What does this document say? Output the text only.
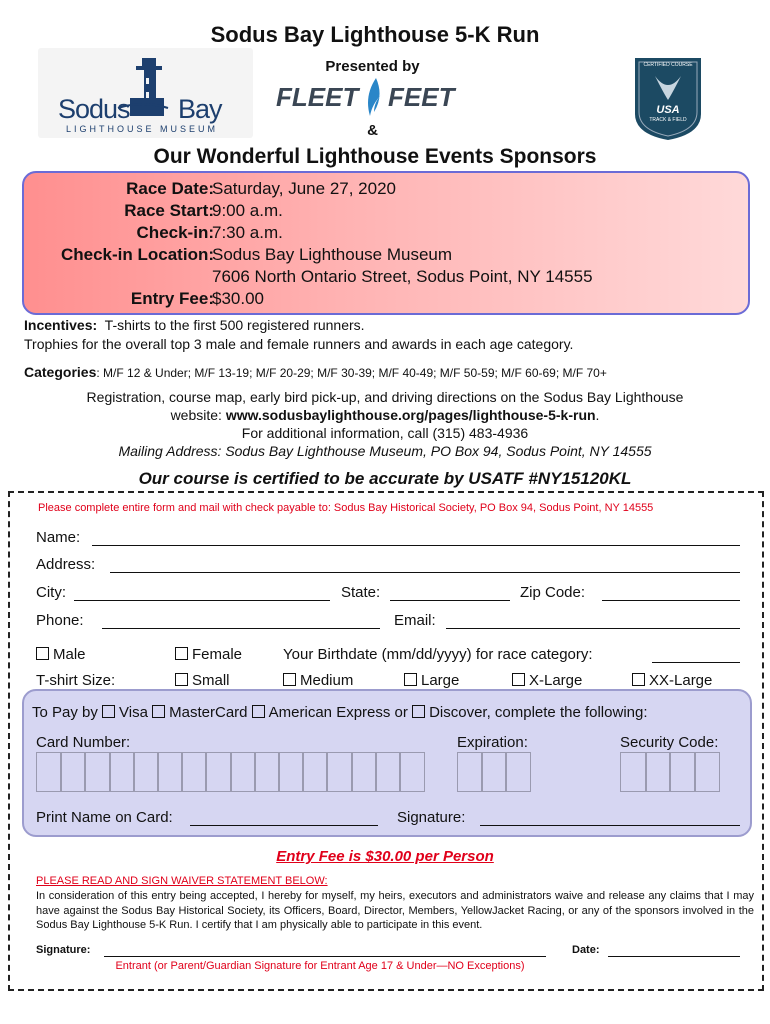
Sodus Bay Lighthouse 5-K Run
Sodus Bay
LIGHTHOUSE MUSEUM
Presented by
FLEET FEET
CERTIFIED COURSE
USA
TRACK & FIELD
&
Our Wonderful Lighthouse Events Sponsors
Race Date:
Saturday, June 27, 2020
Race Start:
9:00 a.m.
Check-in:
7:30 a.m.
Check-in Location:
Sodus Bay Lighthouse Museum
7606 North Ontario Street, Sodus Point, NY 14555
Entry Fee:
$30.00
Incentives: T-shirts to the first 500 registered runners.
Trophies for the overall top 3 male and female runners and awards in each age category.
Categories: M/F 12 & Under; M/F 13-19; M/F 20-29; M/F 30-39; M/F 40-49; M/F 50-59; M/F 60-69; M/F 70+
Registration, course map, early bird pick-up, and driving directions on the Sodus Bay Lighthouse
website: www.sodusbaylighthouse.org/pages/lighthouse-5-k-run.
For additional information, call (315) 483-4936
Mailing Address: Sodus Bay Lighthouse Museum, PO Box 94, Sodus Point, NY 14555
Our course is certified to be accurate by USATF #NY15120KL
Please complete entire form and mail with check payable to: Sodus Bay Historical Society, PO Box 94, Sodus Point, NY 14555
Name:
Address:
City:	State:	Zip Code:
Phone:	Email:
Male	Female	Your Birthdate (mm/dd/yyyy) for race category:
T-shirt Size:	Small	Medium	Large	X-Large	XX-Large
To Pay by Visa MasterCard American Express or Discover, complete the following:
Card Number:	Expiration:	Security Code:
Print Name on Card:	Signature:
Entry Fee is $30.00 per Person
PLEASE READ AND SIGN WAIVER STATEMENT BELOW:
In consideration of this entry being accepted, I hereby for myself, my heirs, executors and administrators waive and release any claims that I may have against the Sodus Bay Historical Society, its Officers, Board, Director, Members, YellowJacket Racing, or any of the sponsors involved in the Sodus Bay Lighthouse 5-K Run. I certify that I am physically able to participate in this event.
Signature:	Date:
Entrant (or Parent/Guardian Signature for Entrant Age 17 & Under—NO Exceptions)
